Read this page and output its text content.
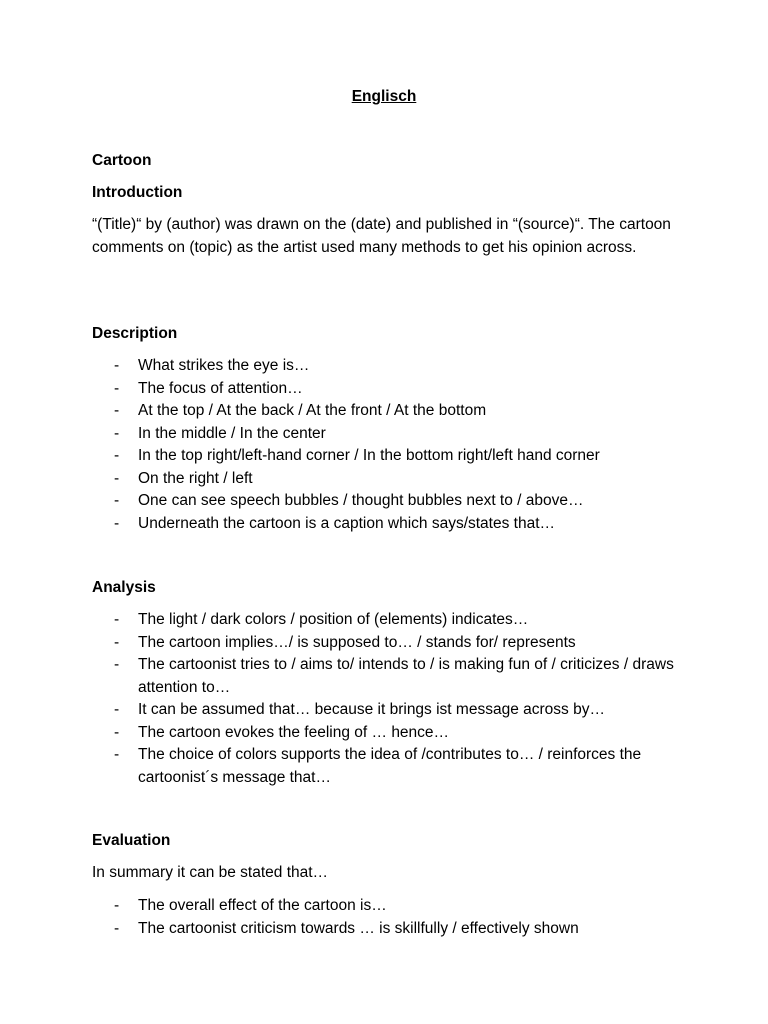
Englisch
Cartoon
Introduction
“(Title)“ by (author) was drawn on the (date) and published in “(source)“. The cartoon comments on (topic) as the artist used many methods to get his opinion across.
Description
- What strikes the eye is…
- The focus of attention…
- At the top / At the back / At the front / At the bottom
- In the middle / In the center
- In the top right/left-hand corner / In the bottom right/left hand corner
- On the right / left
- One can see speech bubbles / thought bubbles next to / above…
- Underneath the cartoon is a caption which says/states that…
Analysis
- The light / dark colors / position of (elements) indicates…
- The cartoon implies…/ is supposed to… / stands for/ represents
- The cartoonist tries to / aims to/ intends to / is making fun of / criticizes / draws attention to…
- It can be assumed that… because it brings ist message across by…
- The cartoon evokes the feeling of … hence…
- The choice of colors supports the idea of /contributes to… / reinforces the cartoonist´s message that…
Evaluation
In summary it can be stated that…
- The overall effect of the cartoon is…
- The cartoonist criticism towards … is skillfully / effectively shown
